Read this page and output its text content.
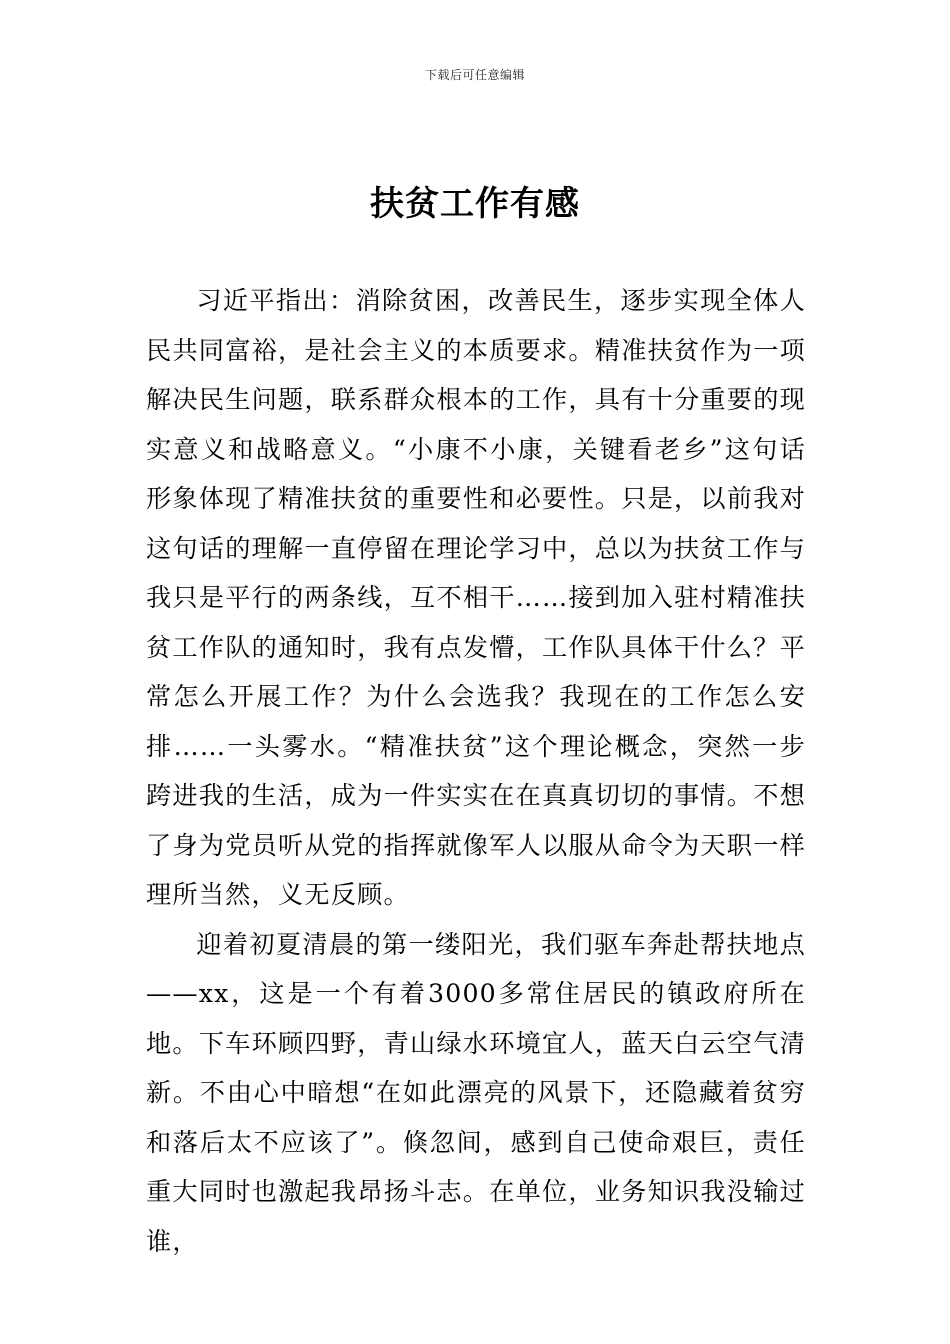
下载后可任意编辑
扶贫工作有感

习近平指出：消除贫困，改善民生，逐步实现全体人民共同富裕，是社会主义的本质要求。精准扶贫作为一项解决民生问题，联系群众根本的工作，具有十分重要的现实意义和战略意义。“小康不小康，关键看老乡”这句话形象体现了精准扶贫的重要性和必要性。只是，以前我对这句话的理解一直停留在理论学习中，总以为扶贫工作与我只是平行的两条线，互不相干……接到加入驻村精准扶贫工作队的通知时，我有点发懵，工作队具体干什么？平常怎么开展工作？为什么会选我？我现在的工作怎么安排……一头雾水。“精准扶贫”这个理论概念，突然一步跨进我的生活，成为一件实实在在真真切切的事情。不想了身为党员听从党的指挥就像军人以服从命令为天职一样理所当然，义无反顾。

迎着初夏清晨的第一缕阳光，我们驱车奔赴帮扶地点——xx，这是一个有着3000多常住居民的镇政府所在地。下车环顾四野，青山绿水环境宜人，蓝天白云空气清新。不由心中暗想“在如此漂亮的风景下，还隐藏着贫穷和落后太不应该了”。倏忽间，感到自己使命艰巨，责任重大同时也激起我昂扬斗志。在单位，业务知识我没输过谁，
